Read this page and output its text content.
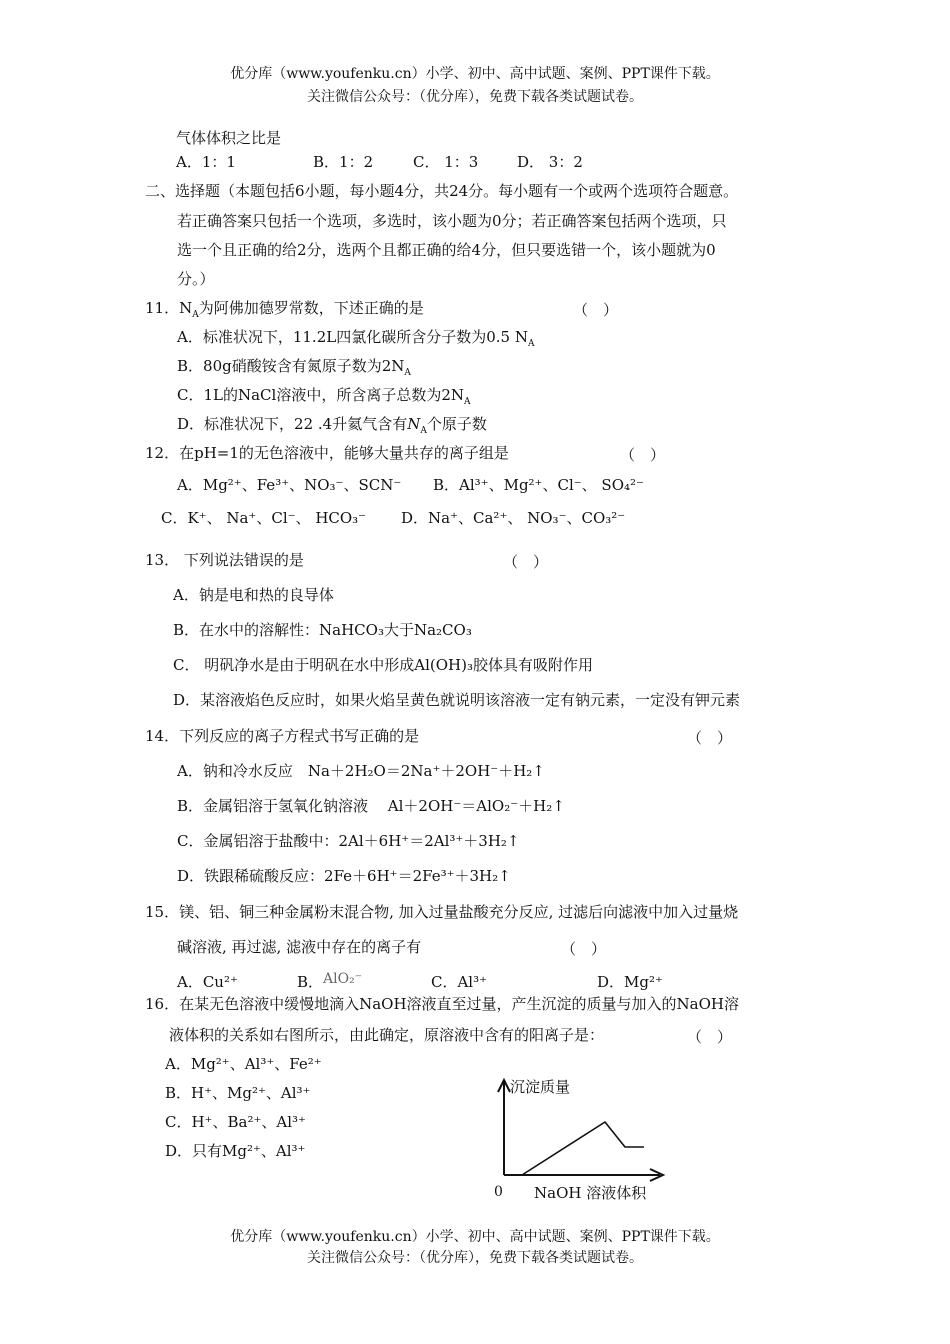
优分库（www.youfenku.cn）小学、初中、高中试题、案例、PPT课件下载。
关注微信公众号：（优分库），免费下载各类试题试卷。
气体体积之比是
A．1：1	B．1：2	C． 1：3	D． 3：2
二、选择题（本题包括6小题，每小题4分，共24分。每小题有一个或两个选项符合题意。
若正确答案只包括一个选项，多选时，该小题为0分；若正确答案包括两个选项，只
选一个且正确的给2分，选两个且都正确的给4分，但只要选错一个，该小题就为0
分。）
11．$N_A$为阿佛加德罗常数，下述正确的是	（　）
A．标准状况下，11.2L四氯化碳所含分子数为0.5 $N_A$
B．80g硝酸铵含有氮原子数为$2N_A$
C．1L的NaCl溶液中，所含离子总数为$2N_A$
D．标准状况下，22 .4升氦气含有$N_A$个原子数
12．在pH=1的无色溶液中，能够大量共存的离子组是	（　）
A．Mg²⁺、Fe³⁺、NO₃⁻、SCN⁻ B．Al³⁺、Mg²⁺、Cl⁻、 SO₄²⁻
C．K⁺、 Na⁺、Cl⁻、 HCO₃⁻ D．Na⁺、Ca²⁺、 NO₃⁻、CO₃²⁻
13． 下列说法错误的是	（　）
A．钠是电和热的良导体
B．在水中的溶解性：NaHCO₃大于Na₂CO₃
C． 明矾净水是由于明矾在水中形成Al(OH)₃胶体具有吸附作用
D．某溶液焰色反应时，如果火焰呈黄色就说明该溶液一定有钠元素，一定没有钾元素
14．下列反应的离子方程式书写正确的是	（　）
A．钠和冷水反应　Na＋2H₂O＝2Na⁺＋2OH⁻＋H₂↑
B．金属铝溶于氢氧化钠溶液　 Al＋2OH⁻＝AlO₂⁻＋H₂↑
C．金属铝溶于盐酸中：2Al＋6H⁺＝2Al³⁺＋3H₂↑
D．铁跟稀硫酸反应：2Fe＋6H⁺＝2Fe³⁺＋3H₂↑
15．镁、铝、铜三种金属粉末混合物, 加入过量盐酸充分反应, 过滤后向滤液中加入过量烧
碱溶液, 再过滤, 滤液中存在的离子有	（　）
A．Cu²⁺	B．AlO₂⁻	C．Al³⁺	D．Mg²⁺
16．在某无色溶液中缓慢地滴入NaOH溶液直至过量，产生沉淀的质量与加入的NaOH溶
液体积的关系如右图所示，由此确定，原溶液中含有的阳离子是：	（　）
A．Mg²⁺、Al³⁺、Fe²⁺
B．H⁺、Mg²⁺、Al³⁺
C．H⁺、Ba²⁺、Al³⁺
D．只有Mg²⁺、Al³⁺
沉淀质量
0 NaOH 溶液体积
优分库（www.youfenku.cn）小学、初中、高中试题、案例、PPT课件下载。
关注微信公众号：（优分库），免费下载各类试题试卷。
